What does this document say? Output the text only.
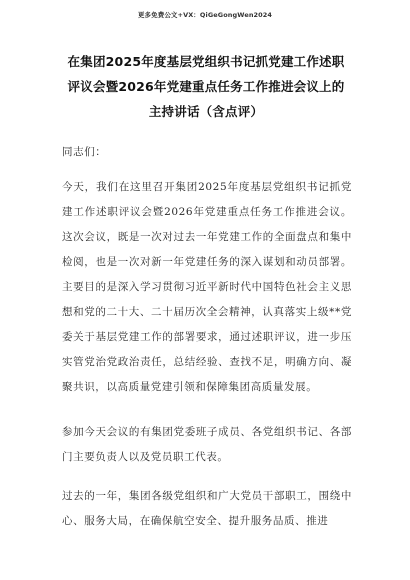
更多免费公文+VX：QiGeGongWen2024
在集团2025年度基层党组织书记抓党建工作述职评议会暨2026年党建重点任务工作推进会议上的主持讲话（含点评）

同志们：

今天，我们在这里召开集团2025年度基层党组织书记抓党建工作述职评议会暨2026年党建重点任务工作推进会议。这次会议，既是一次对过去一年党建工作的全面盘点和集中检阅，也是一次对新一年党建任务的深入谋划和动员部署。主要目的是深入学习贯彻习近平新时代中国特色社会主义思想和党的二十大、二十届历次全会精神，认真落实上级**党委关于基层党建工作的部署要求，通过述职评议，进一步压实管党治党政治责任，总结经验、查找不足，明确方向、凝聚共识，以高质量党建引领和保障集团高质量发展。

参加今天会议的有集团党委班子成员、各党组织书记、各部门主要负责人以及党员职工代表。

过去的一年，集团各级党组织和广大党员干部职工，围绕中心、服务大局，在确保航空安全、提升服务品质、推进
